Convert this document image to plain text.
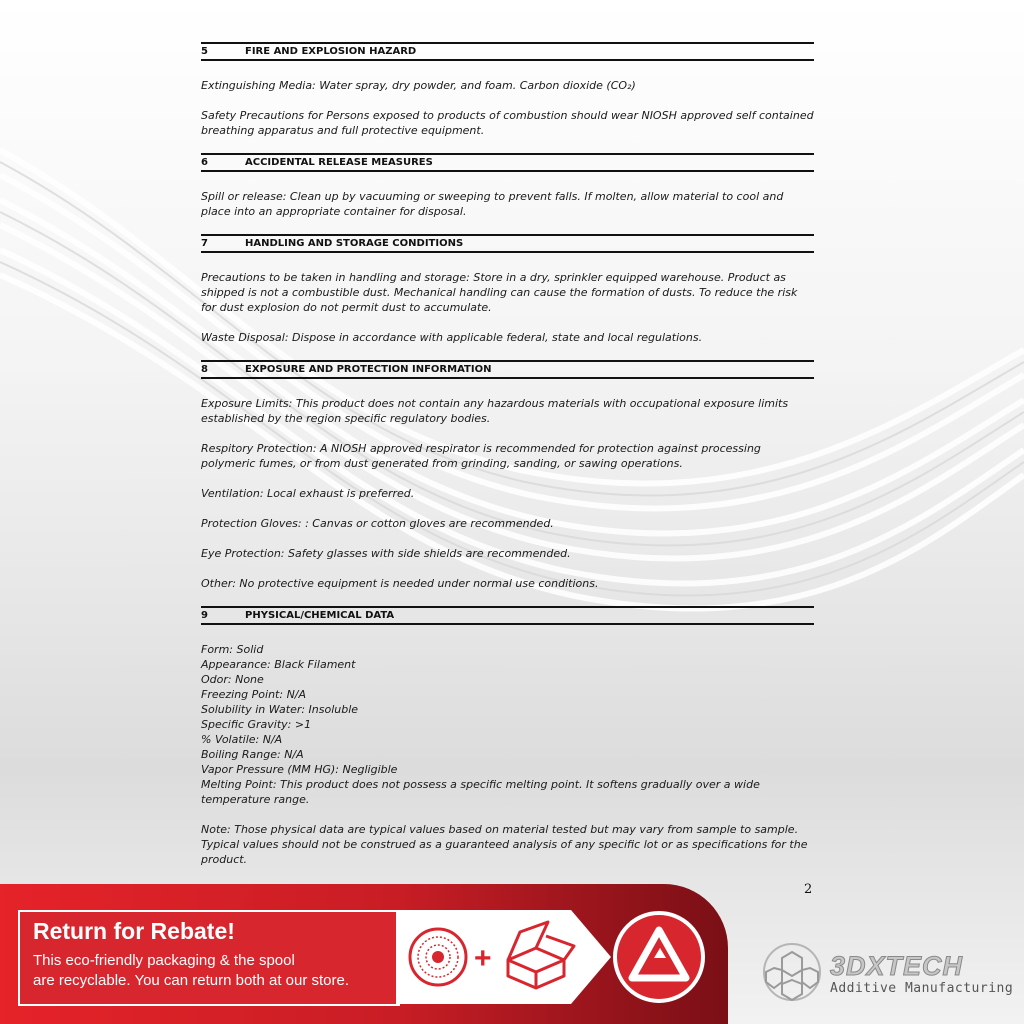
5	FIRE AND EXPLOSION HAZARD

Extinguishing Media: Water spray, dry powder, and foam. Carbon dioxide (CO₂)

Safety Precautions for Persons exposed to products of combustion should wear NIOSH approved self contained breathing apparatus and full protective equipment.

6	ACCIDENTAL RELEASE MEASURES

Spill or release: Clean up by vacuuming or sweeping to prevent falls. If molten, allow material to cool and place into an appropriate container for disposal.

7	HANDLING AND STORAGE CONDITIONS

Precautions to be taken in handling and storage: Store in a dry, sprinkler equipped warehouse. Product as shipped is not a combustible dust. Mechanical handling can cause the formation of dusts. To reduce the risk for dust explosion do not permit dust to accumulate.

Waste Disposal: Dispose in accordance with applicable federal, state and local regulations.

8	EXPOSURE AND PROTECTION INFORMATION

Exposure Limits: This product does not contain any hazardous materials with occupational exposure limits established by the region specific regulatory bodies.

Respitory Protection: A NIOSH approved respirator is recommended for protection against processing polymeric fumes, or from dust generated from grinding, sanding, or sawing operations.

Ventilation: Local exhaust is preferred.

Protection Gloves: : Canvas or cotton gloves are recommended.

Eye Protection: Safety glasses with side shields are recommended.

Other: No protective equipment is needed under normal use conditions.

9	PHYSICAL/CHEMICAL DATA
Form: Solid
Appearance: Black Filament
Odor: None
Freezing Point: N/A
Solubility in Water: Insoluble
Specific Gravity: >1
% Volatile: N/A
Boiling Range: N/A
Vapor Pressure (MM HG): Negligible
Melting Point: This product does not possess a specific melting point. It softens gradually over a wide temperature range.

Note: Those physical data are typical values based on material tested but may vary from sample to sample. Typical values should not be construed as a guaranteed analysis of any specific lot or as specifications for the product.

2
Return for Rebate!
This eco-friendly packaging & the spool
are recyclable. You can return both at our store.
+	3DXTECH
Additive Manufacturing
